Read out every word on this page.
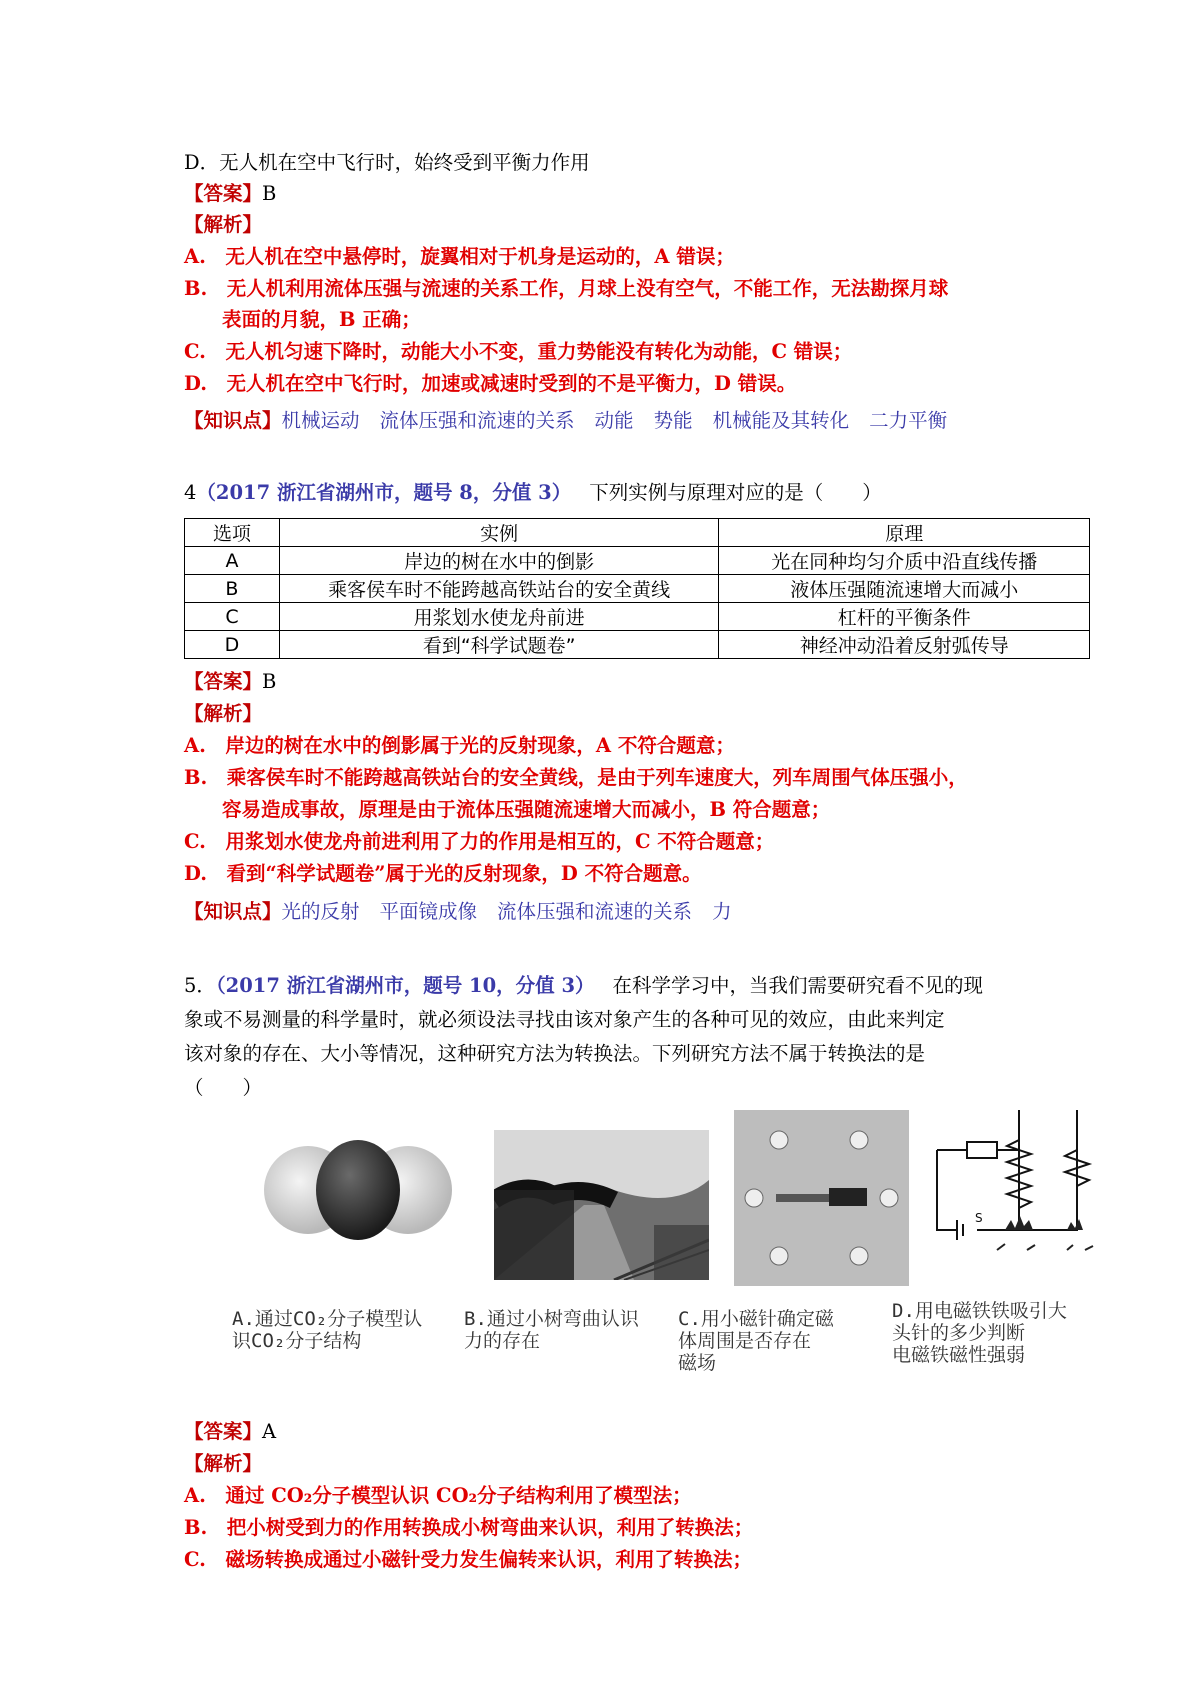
D．无人机在空中飞行时，始终受到平衡力作用
【答案】B
【解析】
A.　无人机在空中悬停时，旋翼相对于机身是运动的，A 错误；
B.　无人机利用流体压强与流速的关系工作，月球上没有空气，不能工作，无法勘探月球
表面的月貌，B 正确；
C.　无人机匀速下降时，动能大小不变，重力势能没有转化为动能，C 错误；
D.　无人机在空中飞行时，加速或减速时受到的不是平衡力，D 错误。
【知识点】机械运动 流体压强和流速的关系 动能 势能 机械能及其转化 二力平衡
4（2017 浙江省湖州市，题号 8，分值 3） 下列实例与原理对应的是（　　）
选项	实例	原理
A	岸边的树在水中的倒影	光在同种均匀介质中沿直线传播
B	乘客侯车时不能跨越高铁站台的安全黄线	液体压强随流速增大而减小
C	用浆划水使龙舟前进	杠杆的平衡条件
D	看到“科学试题卷”	神经冲动沿着反射弧传导
【答案】B
【解析】
A.　岸边的树在水中的倒影属于光的反射现象，A 不符合题意；
B.　乘客侯车时不能跨越高铁站台的安全黄线，是由于列车速度大，列车周围气体压强小，
容易造成事故，原理是由于流体压强随流速增大而减小，B 符合题意；
C.　用浆划水使龙舟前进利用了力的作用是相互的，C 不符合题意；
D.　看到“科学试题卷”属于光的反射现象，D 不符合题意。
【知识点】光的反射 平面镜成像 流体压强和流速的关系 力
5．（2017 浙江省湖州市，题号 10，分值 3） 在科学学习中，当我们需要研究看不见的现
象或不易测量的科学量时，就必须设法寻找由该对象产生的各种可见的效应，由此来判定
该对象的存在、大小等情况，这种研究方法为转换法。下列研究方法不属于转换法的是
（　　）
A.通过CO₂分子模型认
识CO₂分子结构
B.通过小树弯曲认识
力的存在
C.用小磁针确定磁
体周围是否存在
磁场
S
D.用电磁铁铁吸引大
头针的多少判断
电磁铁磁性强弱
【答案】A
【解析】
A.　通过 CO₂分子模型认识 CO₂分子结构利用了模型法；
B.　把小树受到力的作用转换成小树弯曲来认识，利用了转换法；
C.　磁场转换成通过小磁针受力发生偏转来认识，利用了转换法；
